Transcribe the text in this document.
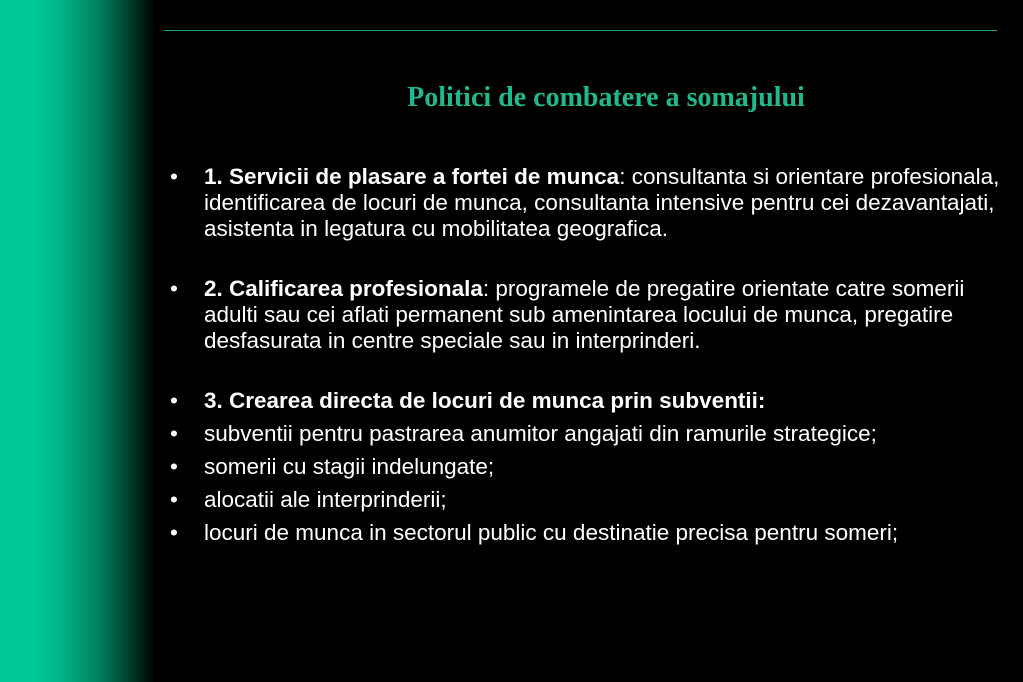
Politici de combatere a somajului
• 1. Servicii de plasare a fortei de munca: consultanta si orientare profesionala, identificarea de locuri de munca, consultanta intensive pentru cei dezavantajati, asistenta in legatura cu mobilitatea geografica.
• 2. Calificarea profesionala: programele de pregatire orientate catre somerii adulti sau cei aflati permanent sub amenintarea locului de munca, pregatire desfasurata in centre speciale sau in interprinderi.
• 3. Crearea directa de locuri de munca prin subventii:
• subventii pentru pastrarea anumitor angajati din ramurile strategice;
• somerii cu stagii indelungate;
• alocatii ale interprinderii;
• locuri de munca in sectorul public cu destinatie precisa pentru someri;
